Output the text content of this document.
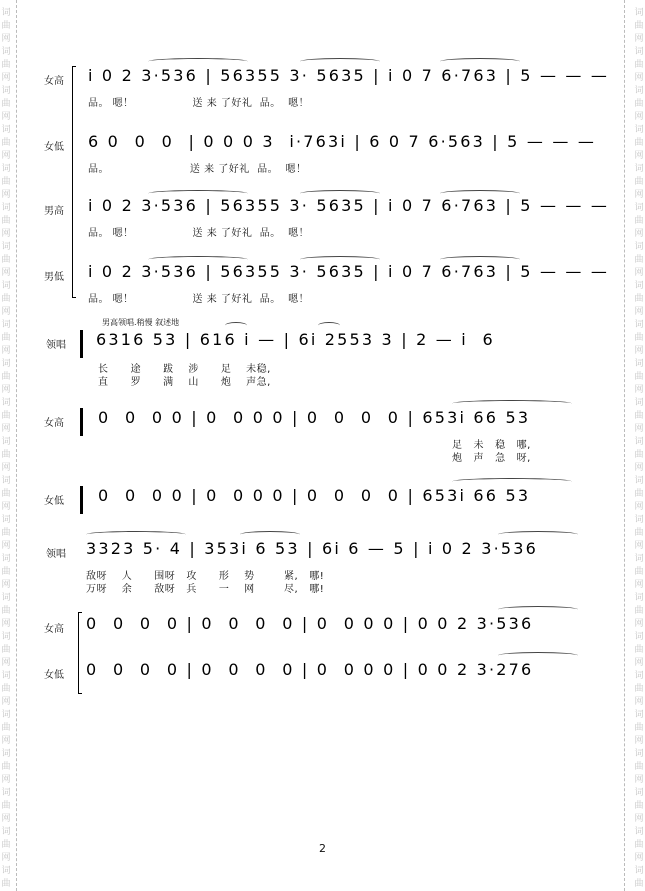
词
曲
网
词
曲
网
词
曲
网
词
曲
网
词
曲
网
词
曲
网
词
曲
网
词
曲
网
词
曲
网
词
曲
网
词
曲
网
词
曲
网
词
曲
网
词
曲
网
词
曲
网
词
曲
网
词
曲
网
词
曲
网
词
曲
网
词
曲
网
词
曲
网
词
曲
网
词
曲
词
曲
网
词
曲
网
词
曲
网
词
曲
网
词
曲
网
词
曲
网
词
曲
网
词
曲
网
词
曲
网
词
曲
网
词
曲
网
词
曲
网
词
曲
网
词
曲
网
词
曲
网
词
曲
网
词
曲
网
词
曲
网
词
曲
网
词
曲
网
词
曲
网
词
曲
网
词
曲
女高 i 0 2 3·536 | 56355 3· 5635 | i 0 7 6·763 | 5 — — —
品。 嗯！                送 来 了好礼  品。  嗯！
女低 6 0  0  0  | 0 0 0 3  i·763i | 6 0 7 6·563 | 5 — — —
品。                      送 来 了好礼  品。  嗯！
男高 i 0 2 3·536 | 56355 3· 5635 | i 0 7 6·763 | 5 — — —
品。 嗯！                送 来 了好礼  品。  嗯！
男低 i 0 2 3·536 | 56355 3· 5635 | i 0 7 6·763 | 5 — — —
品。 嗯！                送 来 了好礼  品。  嗯！
男高领唱.稍慢 叙述地
领唱 6316 53 | 616 i — | 6i 2553 3 | 2 — i  6
长      途      跋    涉      足    未稳,
直      罗      满    山      炮    声急,
女高 0  0  0 0 | 0  0 0 0 | 0  0  0  0 | 653i 66 53
足   未   稳   哪,
炮   声   急   呀,
女低 0  0  0 0 | 0  0 0 0 | 0  0  0  0 | 653i 66 53
领唱 3323 5· 4 | 353i 6 53 | 6i 6 — 5 | i 0 2 3·536
敌呀    人      围呀   攻      形    势        紧,   哪!
万呀    余      敌呀   兵      一    网        尽,   哪!
女高 0  0  0  0 | 0  0  0  0 | 0  0 0 0 | 0 0 2 3·536
女低 0  0  0  0 | 0  0  0  0 | 0  0 0 0 | 0 0 2 3·276
2
